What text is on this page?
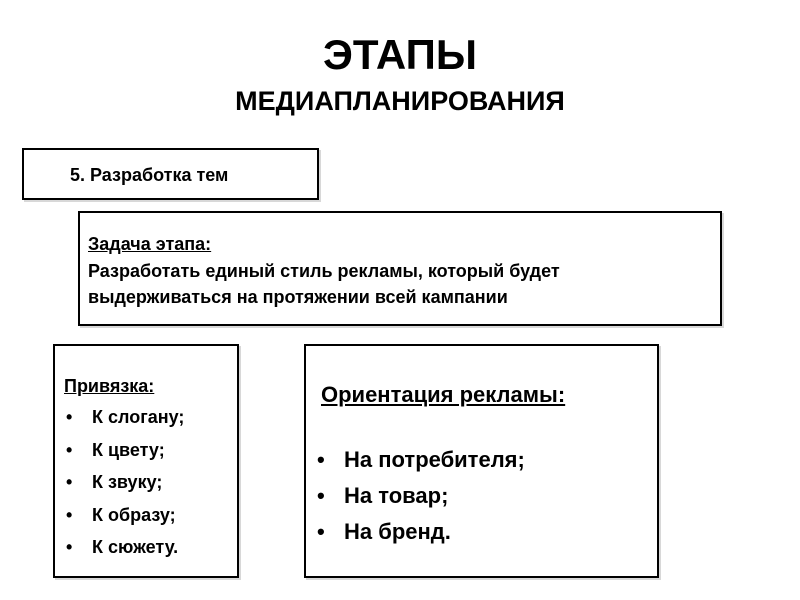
ЭТАПЫ
МЕДИАПЛАНИРОВАНИЯ
5. Разработка тем
Задача этапа:
Разработать единый стиль рекламы, который будет выдерживаться на протяжении всей кампании
Привязка:
• К слогану;
• К цвету;
• К звуку;
• К образу;
• К сюжету.
Ориентация рекламы:
• На потребителя;
• На товар;
• На бренд.
